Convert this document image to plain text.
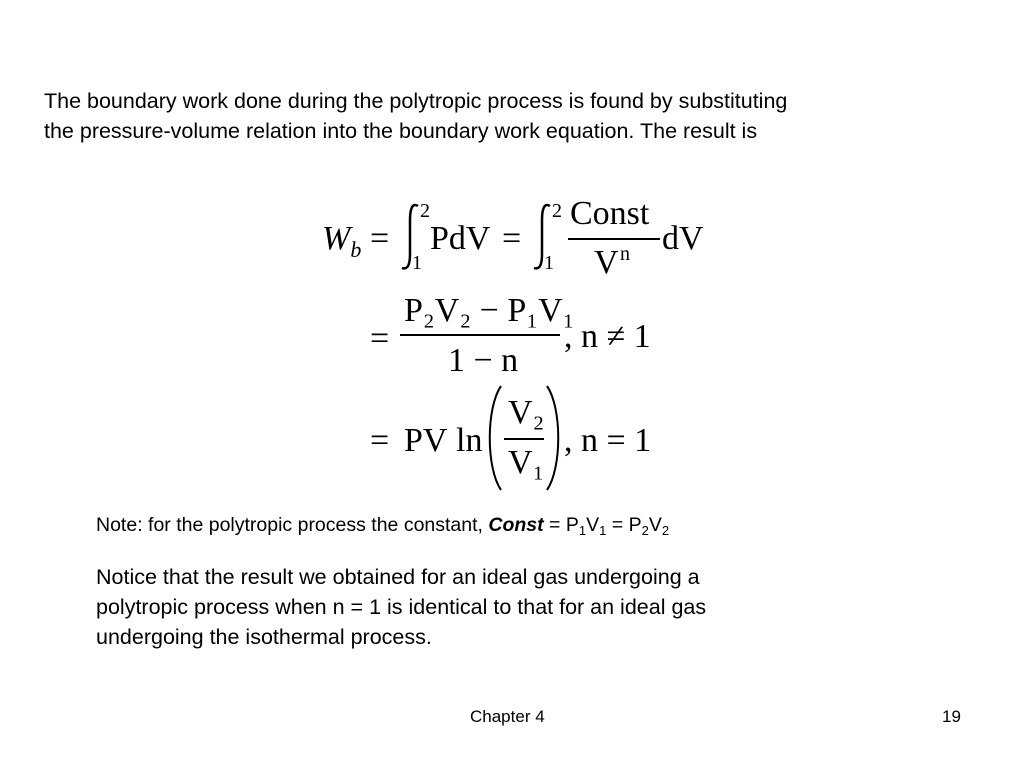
The boundary work done during the polytropic process is found by substituting

the pressure-volume relation into the boundary work equation. The result is

$W_b$ =
2
1
PdV =
2
1
Const
V n dV
=
P₂V₂ − P₁V₁
1 − n
, n ≠ 1
= PV ln
V₂
V₁
, n = 1
Note: for the polytropic process the constant, Const = $P_1V_1 = P_2V_2$

Notice that the result we obtained for an ideal gas undergoing a

polytropic process when n = 1 is identical to that for an ideal gas

undergoing the isothermal process.

Chapter 4	19
